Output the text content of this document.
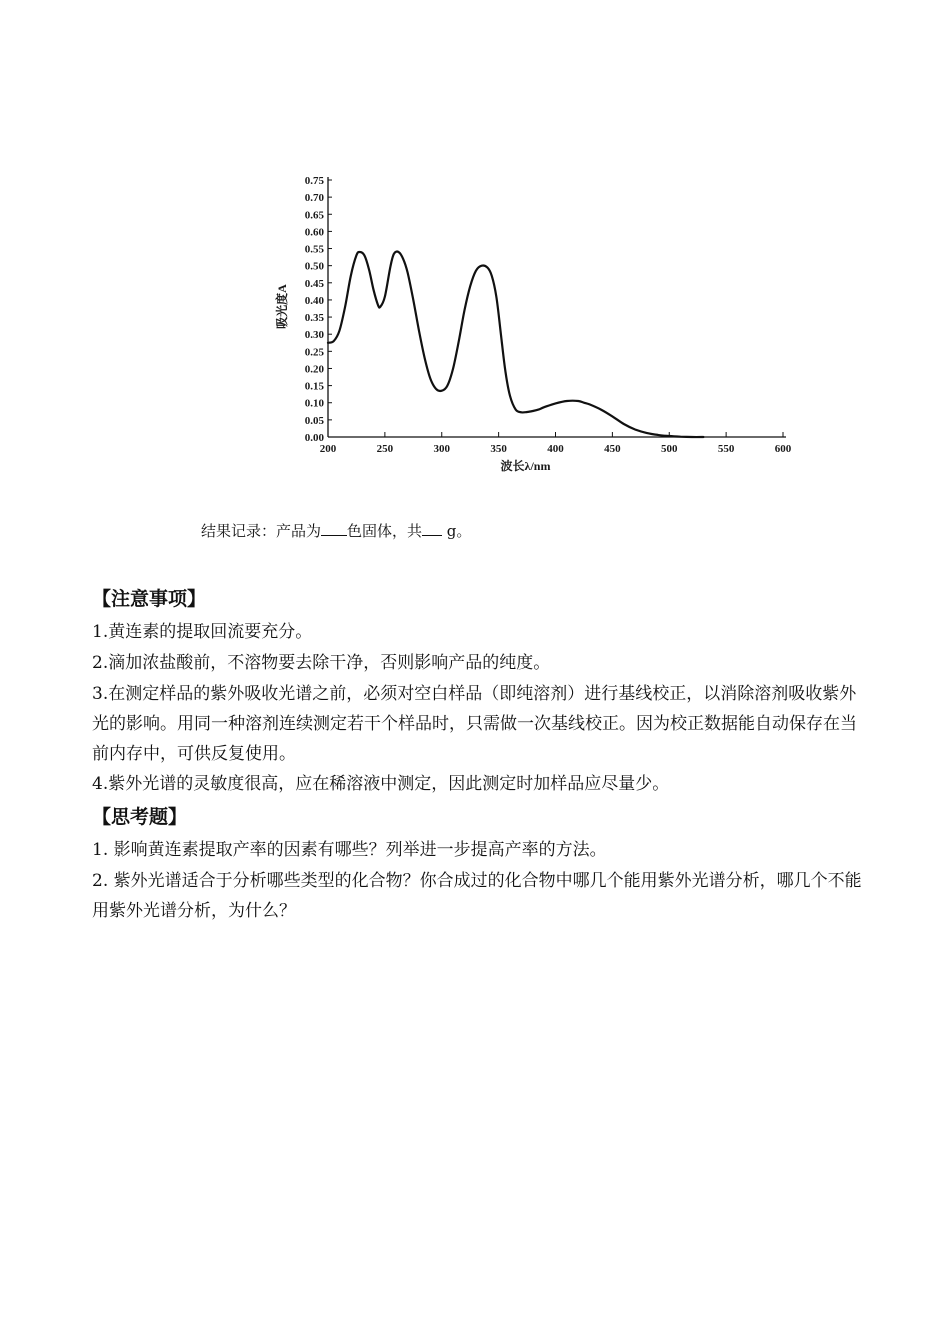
0.00
0.05
0.10
0.15
0.20
0.25
0.30
0.35
0.40
0.45
0.50
0.55
0.60
0.65
0.70
0.75
200	250	300	350	400	450	500	550	600
波长λ/nm
吸光度A
结果记录：产品为 色固体，共 g。
【注意事项】
1.黄连素的提取回流要充分。
2.滴加浓盐酸前，不溶物要去除干净，否则影响产品的纯度。
3.在测定样品的紫外吸收光谱之前，必须对空白样品（即纯溶剂）进行基线校正，以消除溶剂吸收紫外光的影响。用同一种溶剂连续测定若干个样品时，只需做一次基线校正。因为校正数据能自动保存在当前内存中，可供反复使用。
4.紫外光谱的灵敏度很高，应在稀溶液中测定，因此测定时加样品应尽量少。
【思考题】
1. 影响黄连素提取产率的因素有哪些？列举进一步提高产率的方法。
2. 紫外光谱适合于分析哪些类型的化合物？你合成过的化合物中哪几个能用紫外光谱分析，哪几个不能用紫外光谱分析，为什么？
